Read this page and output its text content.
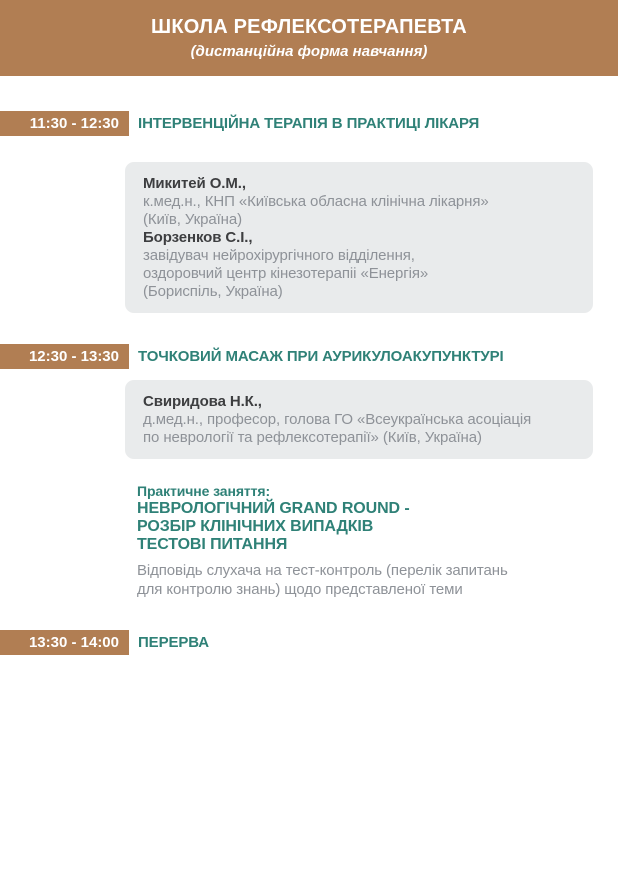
ШКОЛА РЕФЛЕКСОТЕРАПЕВТА
(дистанційна форма навчання)
11:30 - 12:30	ІНТЕРВЕНЦІЙНА ТЕРАПІЯ В ПРАКТИЦІ ЛІКАРЯ
Микитей О.М.,
к.мед.н., КНП «Київська обласна клінічна лікарня»
(Київ, Україна)
Борзенков С.І.,
завідувач нейрохірургічного відділення,
оздоровчий центр кінезотерапіі «Енергія»
(Бориспіль, Україна)
12:30 - 13:30	ТОЧКОВИЙ МАСАЖ ПРИ АУРИКУЛОАКУПУНКТУРІ
Свиридова Н.К.,
д.мед.н., професор, голова ГО «Всеукраїнська асоціація
по неврології та рефлексотерапії» (Київ, Україна)
Практичне заняття:
НЕВРОЛОГІЧНИЙ GRAND ROUND -
РОЗБІР КЛІНІЧНИХ ВИПАДКІВ
ТЕСТОВІ ПИТАННЯ
Відповідь слухача на тест-контроль (перелік запитань
для контролю знань) щодо представленої теми
13:30 - 14:00	ПЕРЕРВА
